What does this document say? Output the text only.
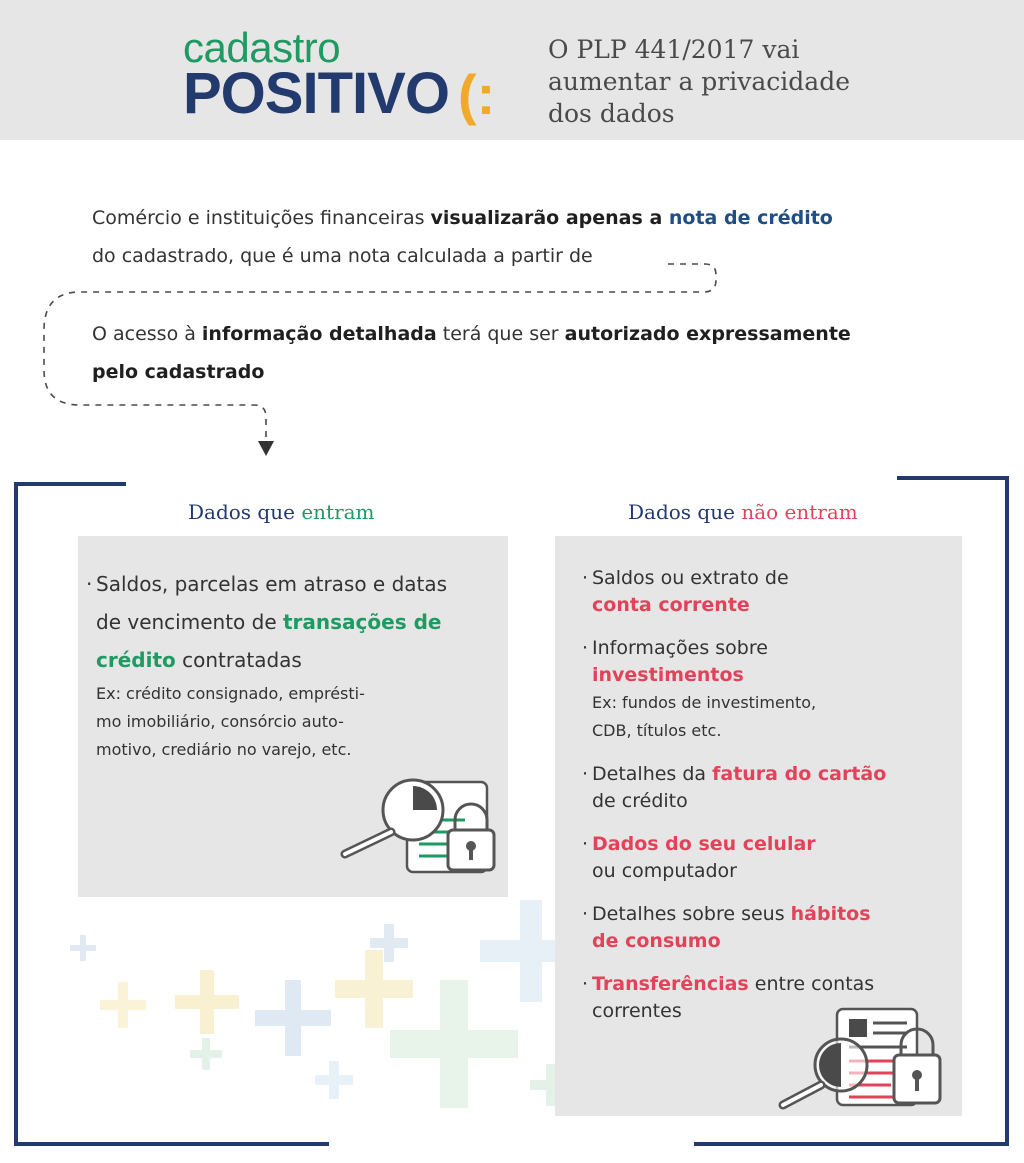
cadastro
POSITIVO (:
O PLP 441/2017 vai
aumentar a privacidade
dos dados
Comércio e instituições financeiras visualizarão apenas a nota de crédito
do cadastrado, que é uma nota calculada a partir de
O acesso à informação detalhada terá que ser autorizado expressamente
pelo cadastrado
Dados que entram
· Saldos, parcelas em atraso e datas
de vencimento de transações de
crédito contratadas
Ex: crédito consignado, emprésti-
mo imobiliário, consórcio auto-
motivo, crediário no varejo, etc.
Dados que não entram
· Saldos ou extrato de
conta corrente
· Informações sobre
investimentos
Ex: fundos de investimento,
CDB, títulos etc.
· Detalhes da fatura do cartão
de crédito
· Dados do seu celular
ou computador
· Detalhes sobre seus hábitos
de consumo
· Transferências entre contas
correntes
